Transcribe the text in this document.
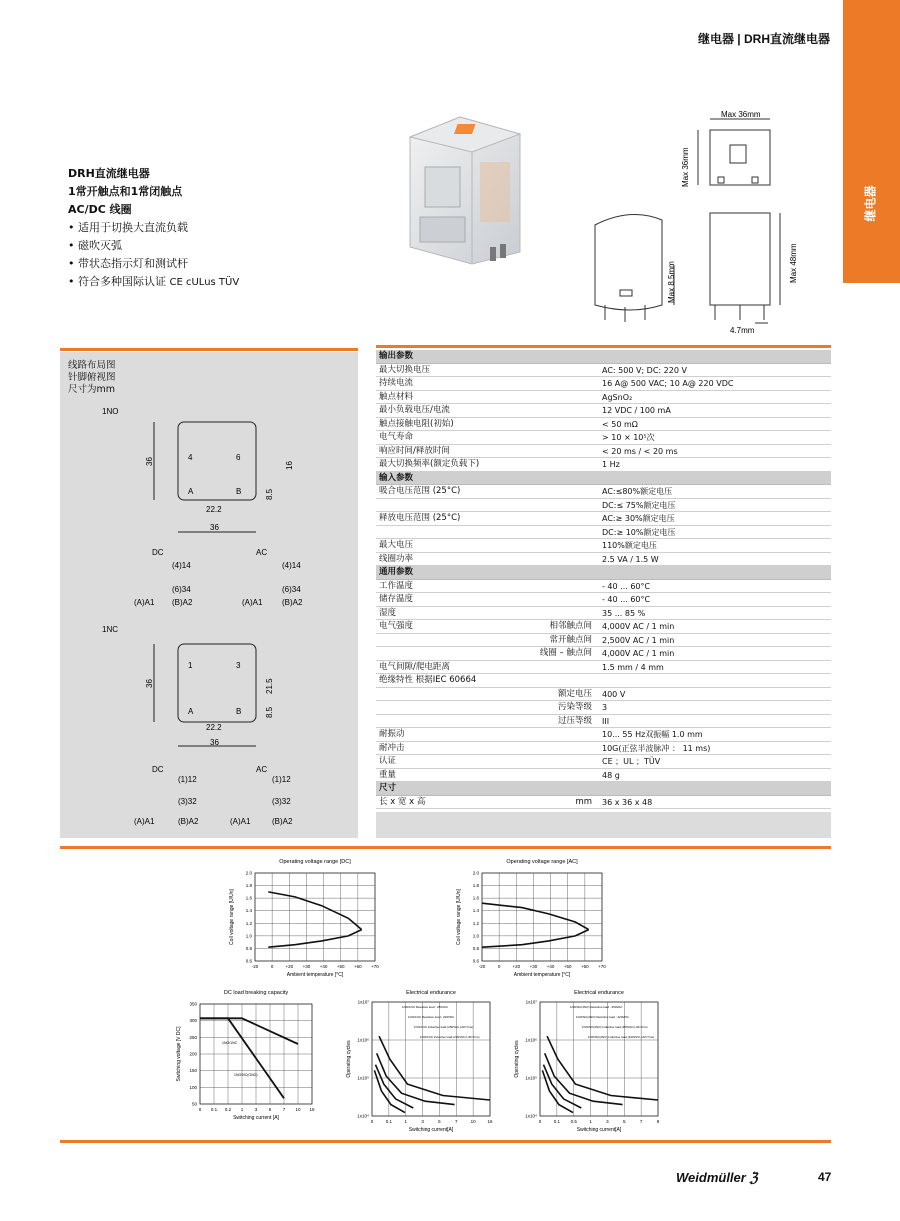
继电器 | DRH直流继电器
DRH直流继电器
1常开触点和1常闭触点
AC/DC 线圈
• 适用于切换大直流负载
• 磁吹灭弧
• 带状态指示灯和测试杆
• 符合多种国际认证 CE cULus TÜV
Max 36mm
Max 36mm
Max 8.5mm	Max 48mm
4.7mm
线路布局图
针脚俯视图
尺寸为mm
1NO
4	6
A	B
36	16
8.5
22.2
36
DC	AC
(4)14
(6)34
(A)A1 (B)A2
(4)14
(6)34
(A)A1 (B)A2
1NC
1	3
A	B
36	21.5
8.5
22.2
36
DC	AC
(1)12
(3)32
(A)A1	(B)A2
(1)12
(3)32
(A)A1	(B)A2
输出参数
最大切换电压	AC: 500 V; DC: 220 V
持续电流	16 A@ 500 VAC; 10 A@ 220 VDC
触点材料	AgSnO₂
最小负载电压/电流	12 VDC / 100 mA
触点接触电阻(初始)	< 50 mΩ
电气寿命	> 10 × 10⁵次
响应时间/释放时间	< 20 ms / < 20 ms
最大切换频率(额定负载下)	1 Hz
输入参数
吸合电压范围 (25°C)	AC:≤80%额定电压
DC:≤ 75%额定电压
释放电压范围 (25°C)	AC:≥ 30%额定电压
DC:≥ 10%额定电压
最大电压	110%额定电压
线圈功率	2.5 VA / 1.5 W
通用参数
工作温度	- 40 ... 60°C
储存温度	- 40 ... 60°C
湿度	35 ... 85 %
电气强度	相邻触点间	4,000V AC / 1 min
常开触点间	2,500V AC / 1 min
线圈 – 触点间	4,000V AC / 1 min
电气间隙/爬电距离	1.5 mm / 4 mm
绝缘特性 根据IEC 60664
额定电压	400 V
污染等级	3
过压等级	III
耐振动	10... 55 Hz双振幅 1.0 mm
耐冲击	10G(正弦半波脉冲 ： 11 ms)
认证	CE ；UL ；TÜV
重量	48 g
尺寸
长 x 宽 x 高	mm	36 x 36 x 48
Operating voltage range [DC]
-20	0	+20 +30 +40 +50 +60 +70
0.6
0.8
1.0
1.2
1.4
1.6
1.8
2.0
Ambient temperature [°C]
Coil voltage range [U/Un]
Operating voltage range [AC]
-20	0	+20 +30 +40 +50 +60 +70
0.6
0.8
1.0
1.2
1.4
1.6
1.8
2.0
Ambient temperature [°C]
Coil voltage range [U/Un]
DC load breaking capacity
0 0.1 0.2 1	3	5	7 10 15
50
100
150
200
250
300
350
Switching current [A]
Switching voltage [V DC]	1NO/1NC
1NO/NC(ONO)
Electrical endurance
0	0.1	1	3	5	7	10	16
1x10⁴
1x10⁵
1x10⁶
1x10⁷
Switching current[A]
Operating cycles
1NO/1NC Resistive load : 250VAC
1NO/1NC Resistive load : 220VDC
1NO/1NC Inductive load (250VAC,L/R=7ms)
1NO/1NC Inductive load (220VDC,L/R=7ms)
Electrical endurance
0	0.1 0.5	1	3	5	7	9
1x10⁴
1x10⁵
1x10⁶
1x10⁷
Switching current[A]
Operating cycles
1NO/NC(2NO) Resistive load : 250VAC
1NO/NC(2NO) Resistive load : 220VDC
1NO/NC(2NO) Inductive load (250VAC,L/R=7ms)
1NO/NC(2NO) Inductive load (220VDC,L/R=7ms)
Weidmüller ℨ	47
